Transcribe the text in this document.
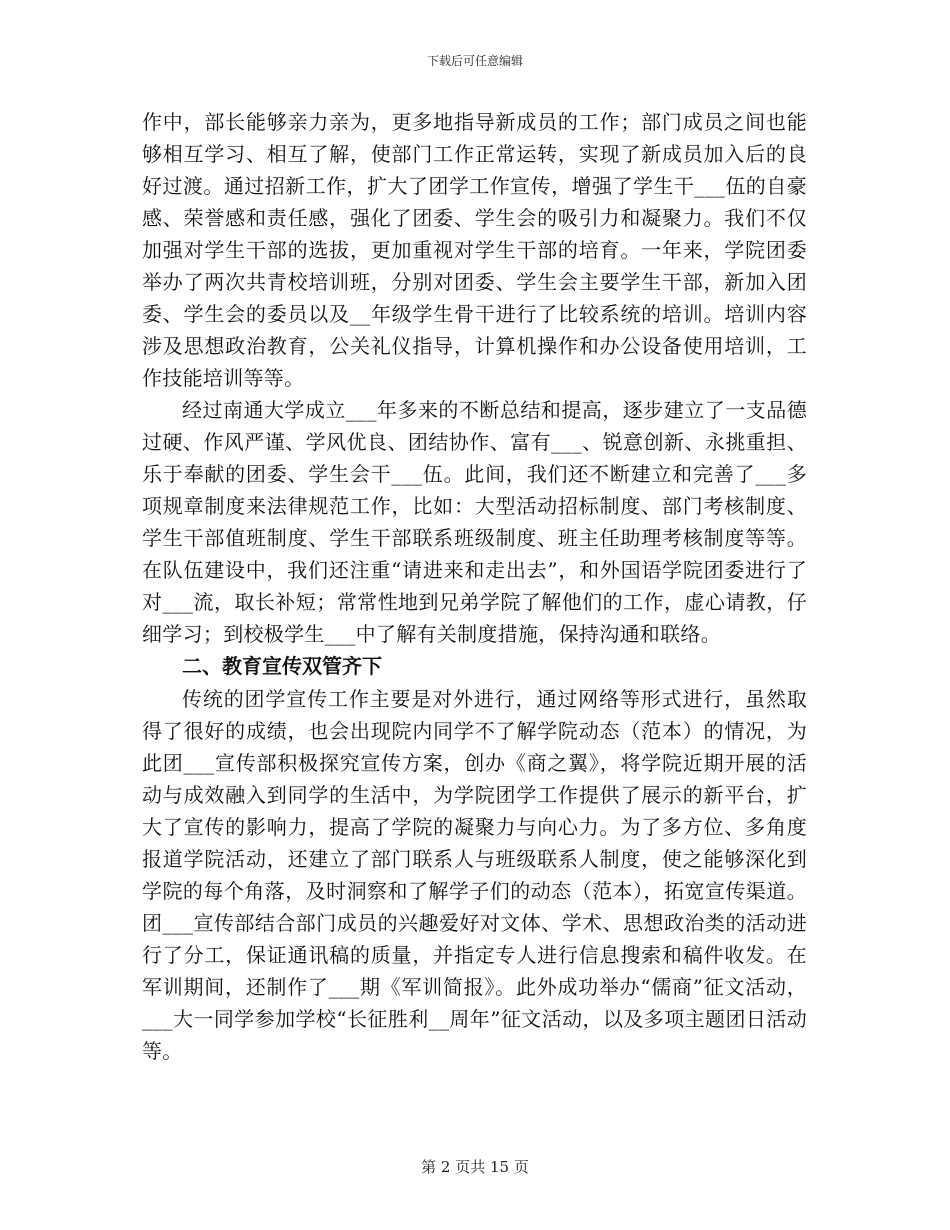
下载后可任意编辑

作中，部长能够亲力亲为，更多地指导新成员的工作；部门成员之间也能够相互学习、相互了解，使部门工作正常运转，实现了新成员加入后的良好过渡。通过招新工作，扩大了团学工作宣传，增强了学生干___伍的自豪感、荣誉感和责任感，强化了团委、学生会的吸引力和凝聚力。我们不仅加强对学生干部的选拔，更加重视对学生干部的培育。一年来，学院团委举办了两次共青校培训班，分别对团委、学生会主要学生干部，新加入团委、学生会的委员以及__年级学生骨干进行了比较系统的培训。培训内容涉及思想政治教育，公关礼仪指导，计算机操作和办公设备使用培训，工作技能培训等等。

经过南通大学成立___年多来的不断总结和提高，逐步建立了一支品德过硬、作风严谨、学风优良、团结协作、富有___、锐意创新、永挑重担、乐于奉献的团委、学生会干___伍。此间，我们还不断建立和完善了___多项规章制度来法律规范工作，比如：大型活动招标制度、部门考核制度、学生干部值班制度、学生干部联系班级制度、班主任助理考核制度等等。在队伍建设中，我们还注重“请进来和走出去”，和外国语学院团委进行了对___流，取长补短；常常性地到兄弟学院了解他们的工作，虚心请教，仔细学习；到校极学生___中了解有关制度措施，保持沟通和联络。

二、教育宣传双管齐下

传统的团学宣传工作主要是对外进行，通过网络等形式进行，虽然取得了很好的成绩，也会出现院内同学不了解学院动态（范本）的情况，为此团___宣传部积极探究宣传方案，创办《商之翼》，将学院近期开展的活动与成效融入到同学的生活中，为学院团学工作提供了展示的新平台，扩大了宣传的影响力，提高了学院的凝聚力与向心力。为了多方位、多角度报道学院活动，还建立了部门联系人与班级联系人制度，使之能够深化到学院的每个角落，及时洞察和了解学子们的动态（范本），拓宽宣传渠道。团___宣传部结合部门成员的兴趣爱好对文体、学术、思想政治类的活动进行了分工，保证通讯稿的质量，并指定专人进行信息搜索和稿件收发。在军训期间，还制作了___期《军训简报》。此外成功举办“儒商”征文活动，___大一同学参加学校“长征胜利__周年”征文活动，以及多项主题团日活动等。

第 2 页共 15 页
